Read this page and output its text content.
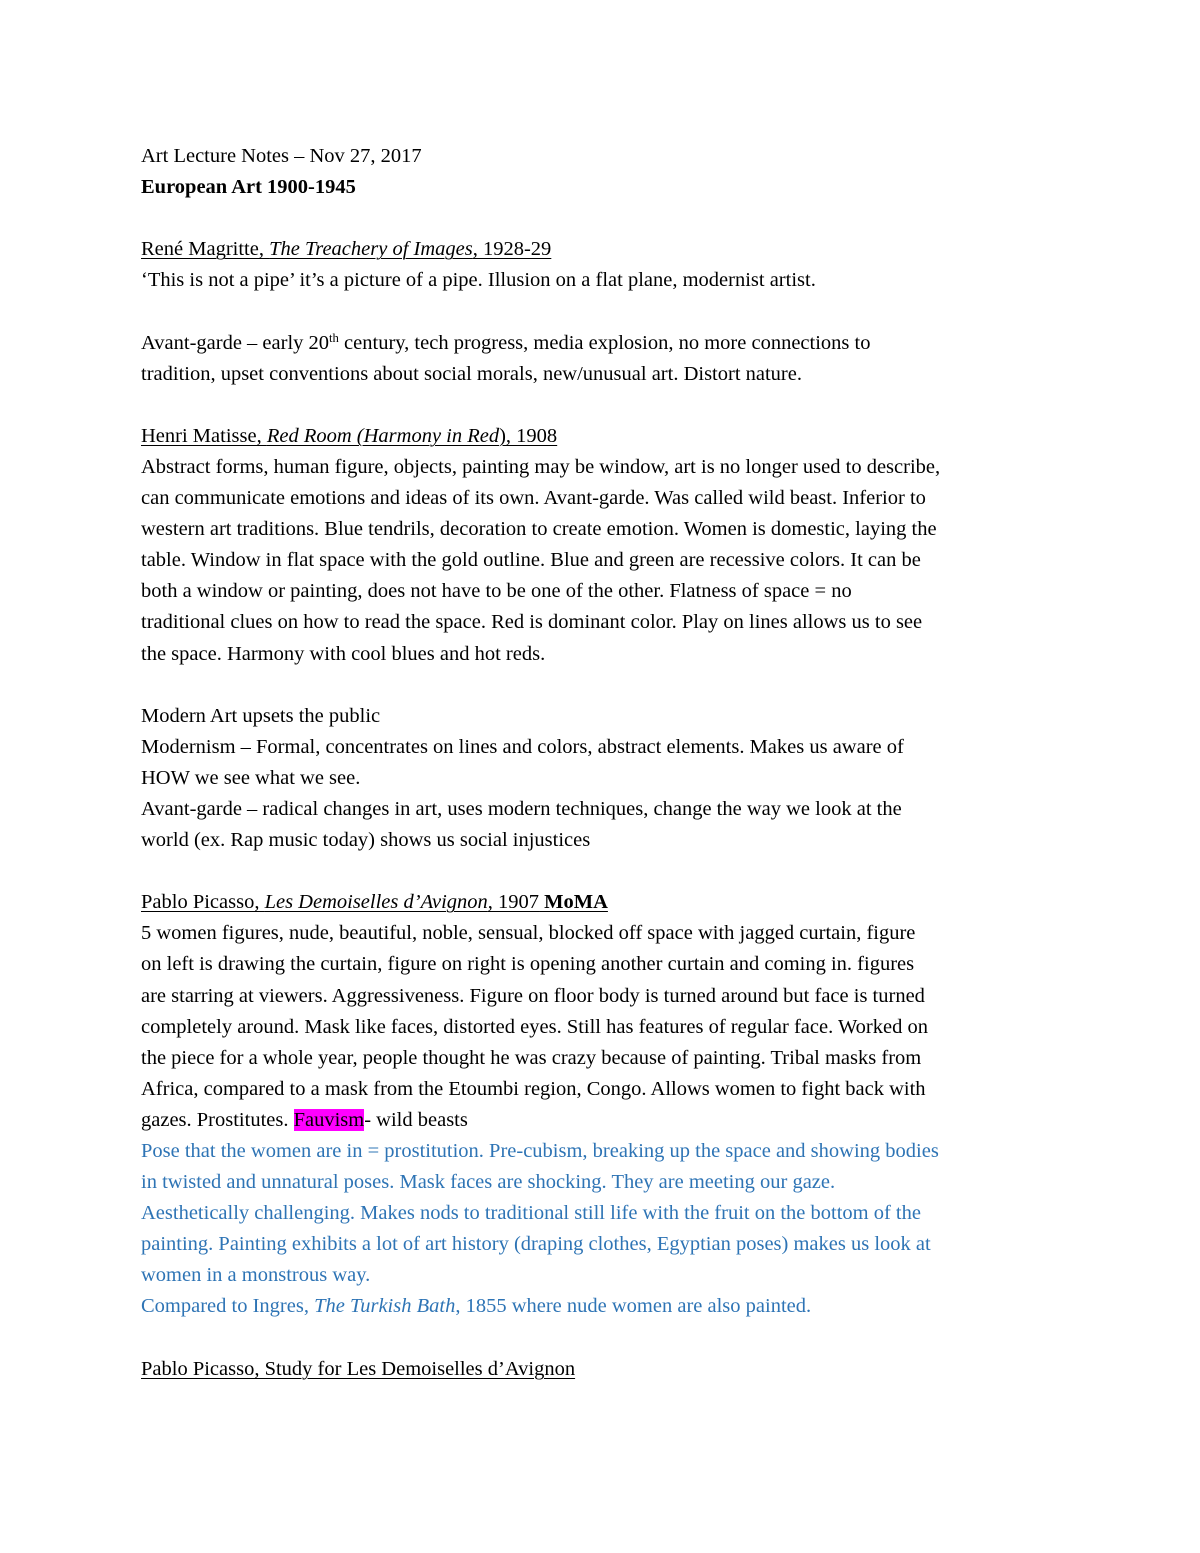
Art Lecture Notes – Nov 27, 2017
European Art 1900-1945
René Magritte, The Treachery of Images, 1928-29
‘This is not a pipe’ it’s a picture of a pipe. Illusion on a flat plane, modernist artist.
Avant-garde – early 20th century, tech progress, media explosion, no more connections to
tradition, upset conventions about social morals, new/unusual art. Distort nature.
Henri Matisse, Red Room (Harmony in Red), 1908
Abstract forms, human figure, objects, painting may be window, art is no longer used to describe,
can communicate emotions and ideas of its own. Avant-garde. Was called wild beast. Inferior to
western art traditions. Blue tendrils, decoration to create emotion. Women is domestic, laying the
table. Window in flat space with the gold outline. Blue and green are recessive colors. It can be
both a window or painting, does not have to be one of the other. Flatness of space = no
traditional clues on how to read the space. Red is dominant color. Play on lines allows us to see
the space. Harmony with cool blues and hot reds.
Modern Art upsets the public
Modernism – Formal, concentrates on lines and colors, abstract elements. Makes us aware of
HOW we see what we see.
Avant-garde – radical changes in art, uses modern techniques, change the way we look at the
world (ex. Rap music today) shows us social injustices
Pablo Picasso, Les Demoiselles d’Avignon, 1907 MoMA
5 women figures, nude, beautiful, noble, sensual, blocked off space with jagged curtain, figure
on left is drawing the curtain, figure on right is opening another curtain and coming in. figures
are starring at viewers. Aggressiveness. Figure on floor body is turned around but face is turned
completely around. Mask like faces, distorted eyes. Still has features of regular face. Worked on
the piece for a whole year, people thought he was crazy because of painting. Tribal masks from
Africa, compared to a mask from the Etoumbi region, Congo. Allows women to fight back with
gazes. Prostitutes. Fauvism- wild beasts
Pose that the women are in = prostitution. Pre-cubism, breaking up the space and showing bodies
in twisted and unnatural poses. Mask faces are shocking. They are meeting our gaze.
Aesthetically challenging. Makes nods to traditional still life with the fruit on the bottom of the
painting. Painting exhibits a lot of art history (draping clothes, Egyptian poses) makes us look at
women in a monstrous way.
Compared to Ingres, The Turkish Bath, 1855 where nude women are also painted.
Pablo Picasso, Study for Les Demoiselles d’Avignon
